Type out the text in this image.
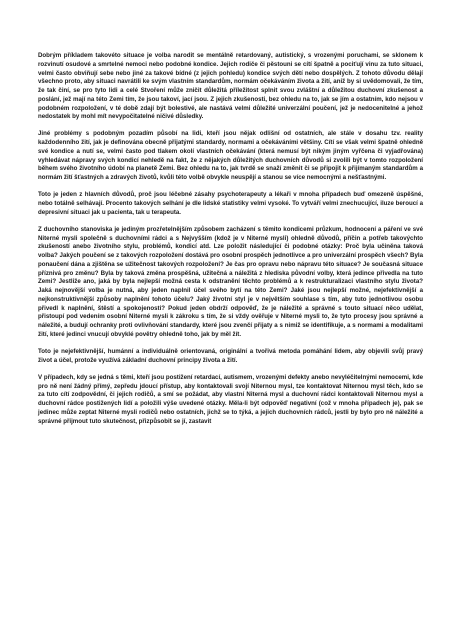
Dobrým příkladem takovéto situace je volba narodit se mentálně retardovaný, autistický, s vrozenými poruchami, se sklonem k rozvinutí osudové a smrtelné nemoci nebo podobné kondice. Jejich rodiče či pěstouni se cítí špatně a pociťují vinu za tuto situaci, velmi často obviňují sebe nebo jiné za takové bídné (z jejich pohledu) kondice svých dětí nebo dospělých. Z tohoto důvodu dělají všechno proto, aby situaci navrátili ke svým vlastním standardům, normám očekáváním života a žití, aniž by si uvědomovali, že tím, že tak činí, se pro tyto lidi a celé Stvoření může zničit důležitá příležitost splnit svou zvláštní a důležitou duchovní zkušenost a poslání, jež mají na této Zemi tím, že jsou takoví, jací jsou. Z jejich zkušenosti, bez ohledu na to, jak se jím a ostatním, kdo nejsou v podobném rozpoložení, v té době zdají být bolestivé, ale nastává velmi důležité univerzální poučení, jež je nedocenitelné a jehož nedostatek by mohl mít nevypočitatelné ničivé důsledky.

Jiné problémy s podobným pozadím působí na lidi, kteří jsou nějak odlišní od ostatních, ale stále v dosahu tzv. reality každodenního žití, jak je definována obecně přijatými standardy, normami a očekáváními většiny. Cítí se však velmi špatně ohledně své kondice a nutí se, velmi často pod tlakem okolí vlastních očekávání (která nemusí být nikým jiným vyřčena či vyjadřována) vyhledávat nápravy svých kondicí nehledě na fakt, že z nějakých důležitých duchovních důvodů si zvolili být v tomto rozpoložení během svého životního údobí na planetě Zemi. Bez ohledu na to, jak tvrdě se snaží změnit či se připojit k přijímaným standardům a normám žití šťastných a zdravých životů, kvůli této volbě obvykle neuspějí a stanou se více nemocnými a nešťastnými.

Toto je jeden z hlavních důvodů, proč jsou léčebné zásahy psychoterapeuty a lékaři v mnoha případech buď omezeně úspěšné, nebo totálně selhávají. Procento takových selhání je dle lidské statistiky velmi vysoké. To vytváří velmi znechucující, iluze beroucí a depresivní situaci jak u pacienta, tak u terapeuta.

Z duchovního stanoviska je jediným prozřetelnějším způsobem zacházení s těmito kondicemi průzkum, hodnocení a páření ve své Niterné mysli společně s duchovními rádci a s Nejvyšším (kdož je v Niterné mysli) ohledně důvodů, příčin a potřeb takovýchto zkušeností anebo životního stylu, problémů, kondicí atd. Lze položit následující či podobné otázky: Proč byla učiněna taková volba? Jakých poučení se z takových rozpoložení dostává pro osobní prospěch jednotlivce a pro univerzální prospěch všech? Byla ponaučení dána a zjištěna se užitečnost takových rozpoložení? Je čas pro opravu nebo nápravu této situace? Je současná situace příznivá pro změnu? Byla by taková změna prospěšná, užitečná a náležitá z hlediska původní volby, která jedince přivedla na tuto Zemi? Jestliže ano, jaká by byla nejlepší možná cesta k odstranění těchto problémů a k restrukturalizaci vlastního stylu života? Jaká nejnovější volba je nutná, aby jeden naplnil účel svého bytí na této Zemi? Jaké jsou nejlepší možné, nejefektivnější a nejkonstruktivnější způsoby naplnění tohoto účelu? Jaký životní styl je v největším souhlase s tím, aby tuto jednotlivou osobu přivedl k naplnění, štěstí a spokojenosti? Pokud jeden obdrží odpověď, že je náležité a správné s touto situací něco udělat, přistoupí pod vedením osobní Niterné mysli k zákroku s tím, že si vždy ověřuje v Niterné mysli to, že tyto procesy jsou správné a náležité, a budují ochranky proti ovlivňování standardy, které jsou zvenčí přijaty a s nimiž se identifikuje, a s normami a modalitami žití, které jedinci vnucují obvyklé povětry ohledně toho, jak by měl žít.

Toto je nejefektivnější, humánní a individuálně orientovaná, originální a tvořivá metoda pomáhání lidem, aby objevili svůj pravý život a účel, protože využívá základní duchovní principy života a žití.

V případech, kdy se jedná s těmi, kteří jsou postižení retardací, autismem, vrozenými defekty anebo nevyléčitelnými nemocemi, kde pro ně není žádný přímý, zepředu jdoucí přístup, aby kontaktovali svojí Niternou mysl, tze kontaktovat Niternou mysl těch, kdo se za tuto cítí zodpovědní, či jejich rodičů, a smí se požádat, aby vlastní Niterná mysl a duchovní rádci kontaktovali Niternou mysl a duchovní rádce postižených lidí a položili výše uvedené otázky. Měla-li být odpověď negativní (což v mnoha případech je), pak se jedinec může zeptat Niterné mysli rodičů nebo ostatních, jichž se to týká, a jejich duchovních rádců, jestli by bylo pro ně náležité a správné přijmout tuto skutečnost, přizpůsobit se jí, zastavit
